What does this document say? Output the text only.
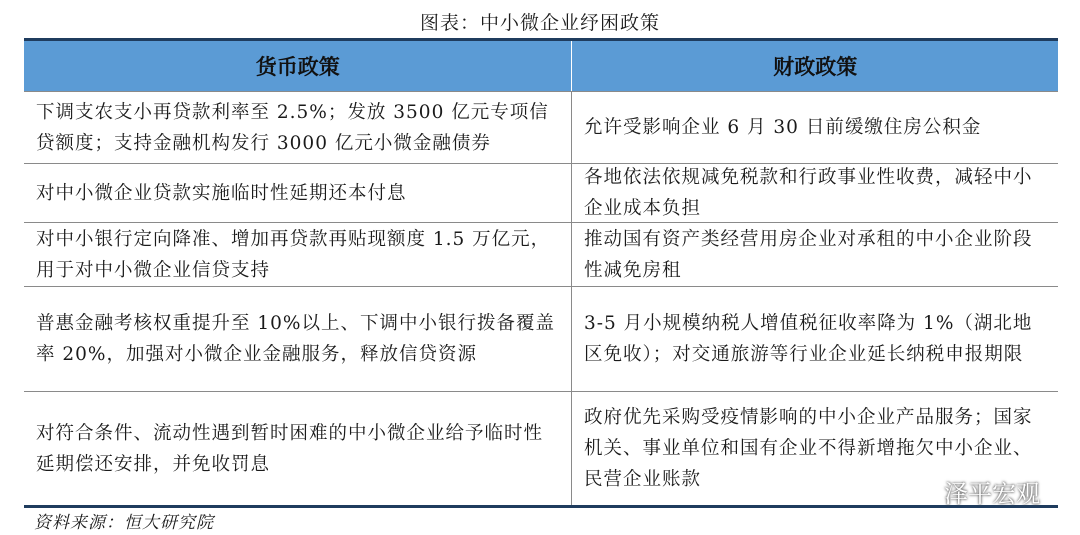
图表：中小微企业纾困政策
货币政策	财政政策
下调支农支小再贷款利率至 2.5%；发放 3500 亿元专项信贷额度；支持金融机构发行 3000 亿元小微金融债券
允许受影响企业 6 月 30 日前缓缴住房公积金
对中小微企业贷款实施临时性延期还本付息
各地依法依规减免税款和行政事业性收费，减轻中小企业成本负担
对中小银行定向降准、增加再贷款再贴现额度 1.5 万亿元，用于对中小微企业信贷支持
推动国有资产类经营用房企业对承租的中小企业阶段性减免房租
普惠金融考核权重提升至 10%以上、下调中小银行拨备覆盖率 20%，加强对小微企业金融服务，释放信贷资源
3-5 月小规模纳税人增值税征收率降为 1%（湖北地区免收）；对交通旅游等行业企业延长纳税申报期限
对符合条件、流动性遇到暂时困难的中小微企业给予临时性延期偿还安排，并免收罚息
政府优先采购受疫情影响的中小企业产品服务；国家机关、事业单位和国有企业不得新增拖欠中小企业、民营企业账款
资料来源：恒大研究院
泽平宏观
